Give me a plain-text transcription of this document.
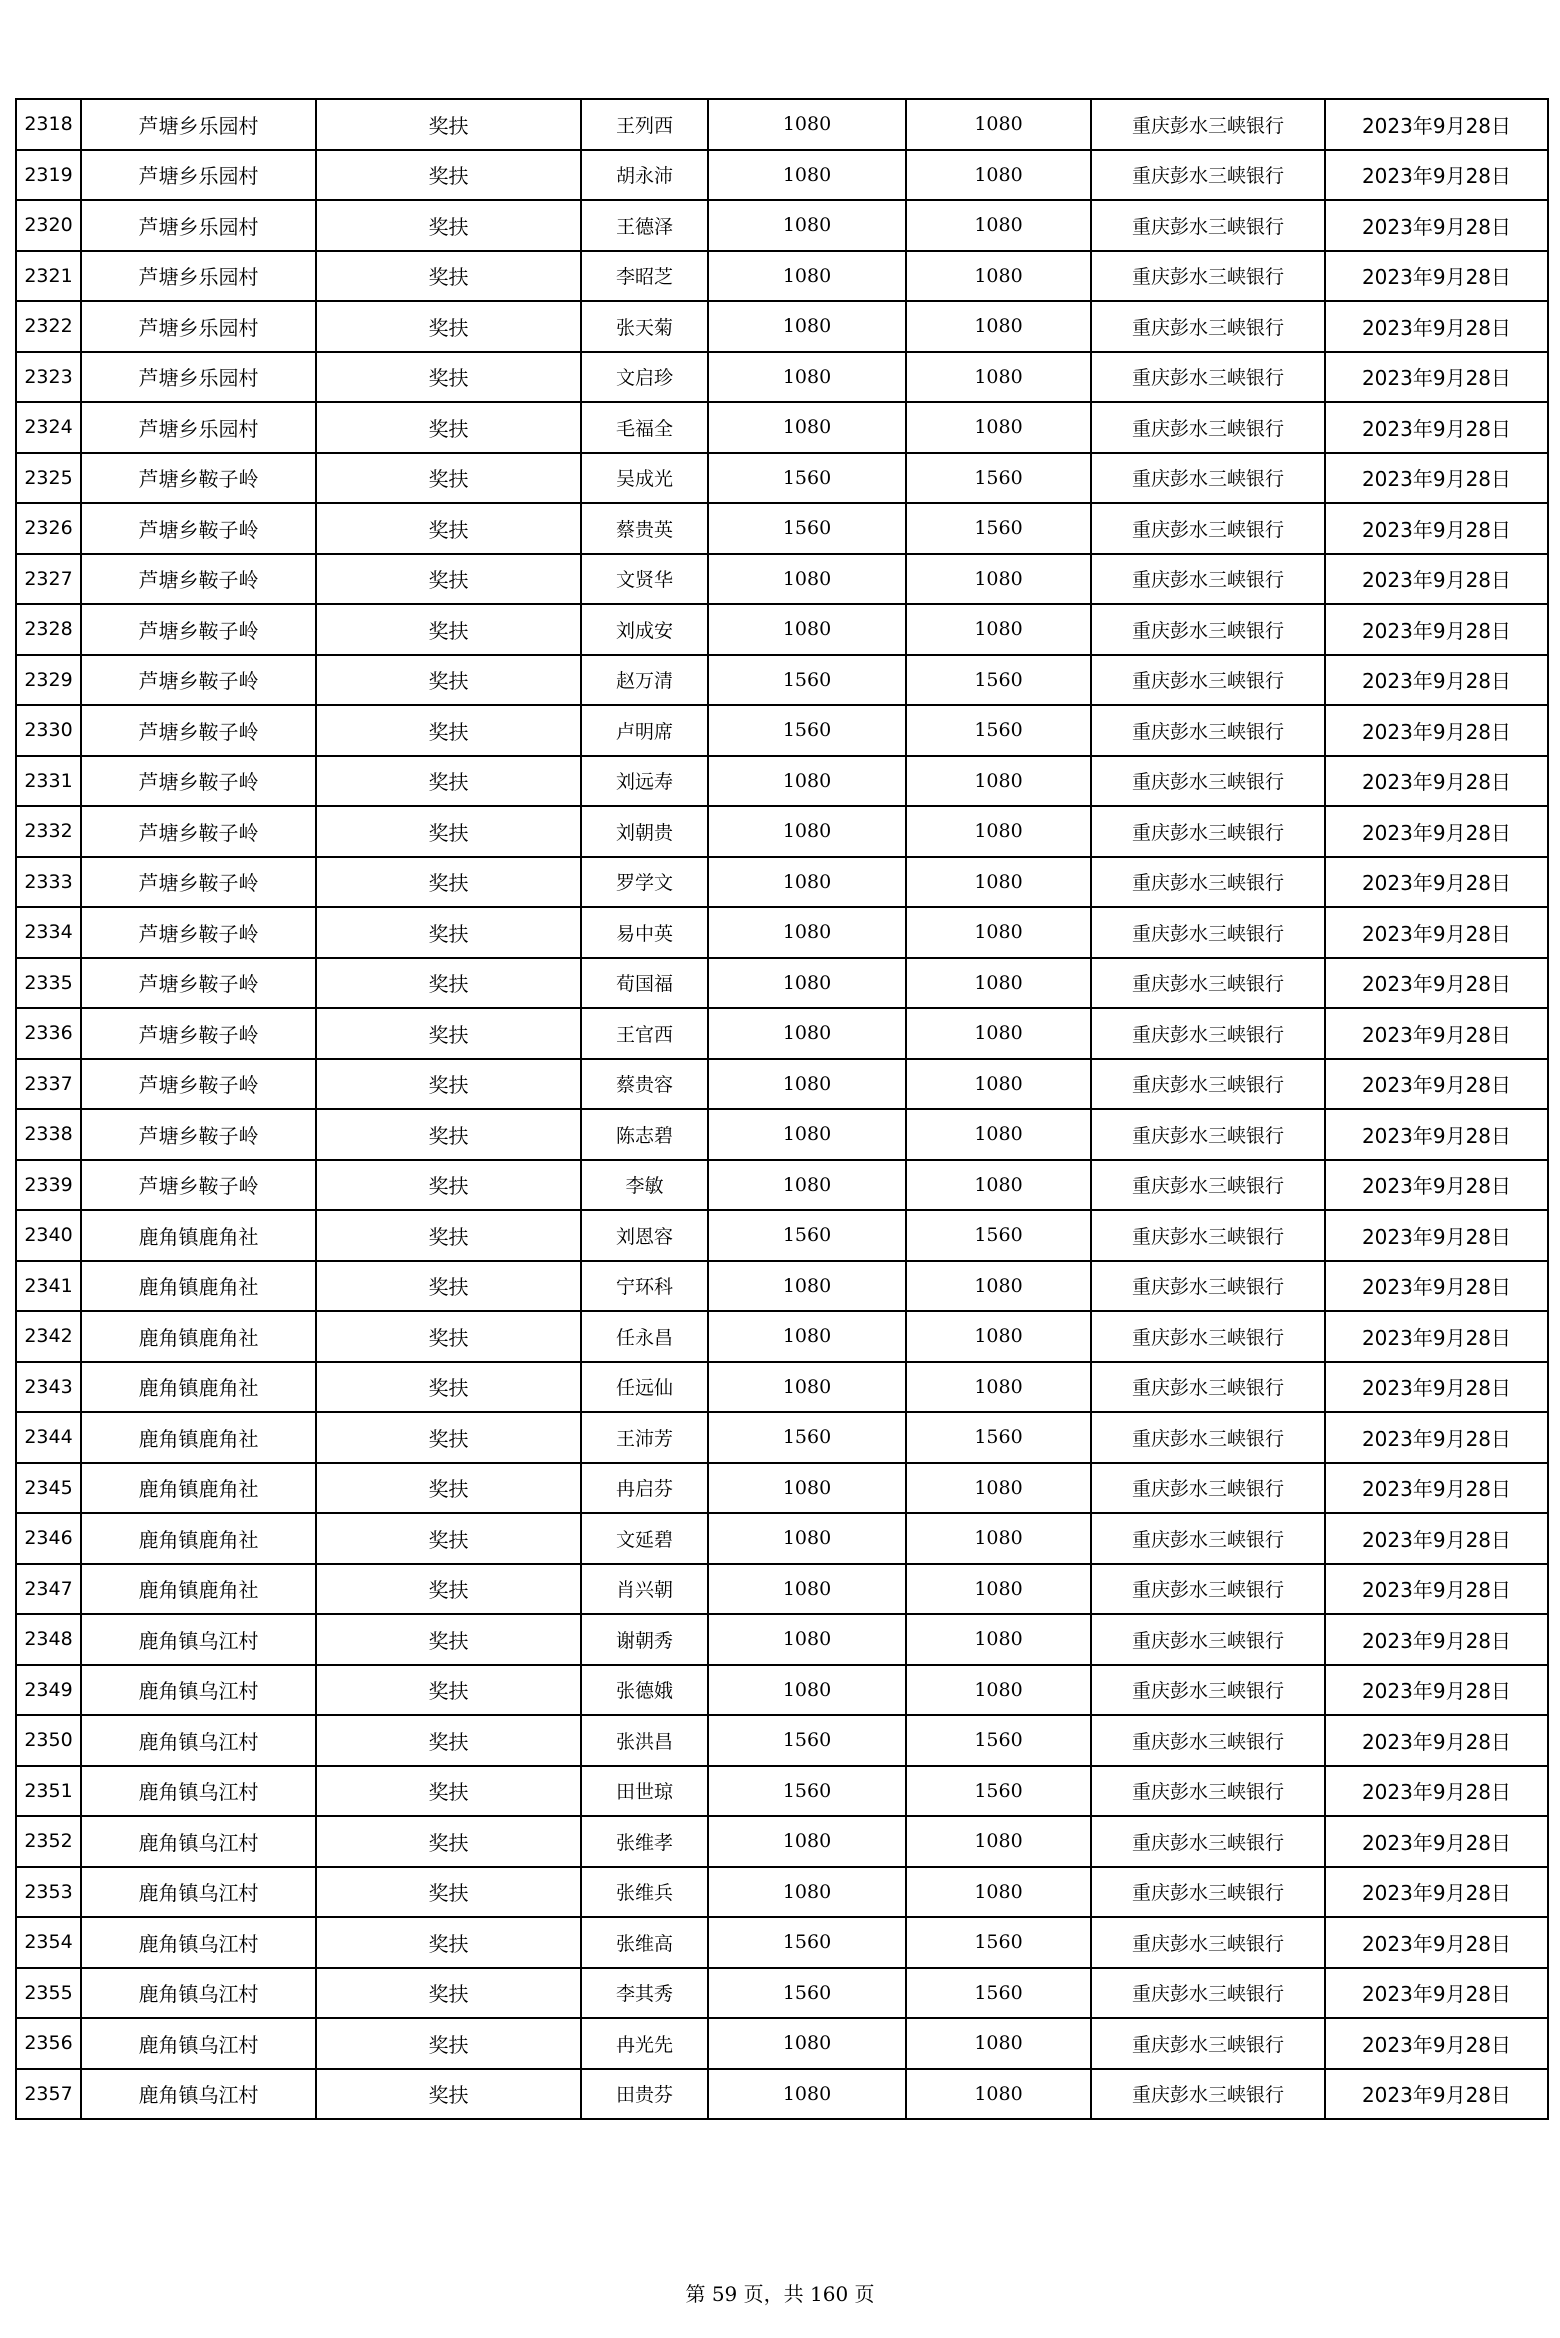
2318	芦塘乡乐园村	奖扶	王列西	1080	1080	重庆彭水三峡银行	2023年9月28日
2319	芦塘乡乐园村	奖扶	胡永沛	1080	1080	重庆彭水三峡银行	2023年9月28日
2320	芦塘乡乐园村	奖扶	王德泽	1080	1080	重庆彭水三峡银行	2023年9月28日
2321	芦塘乡乐园村	奖扶	李昭芝	1080	1080	重庆彭水三峡银行	2023年9月28日
2322	芦塘乡乐园村	奖扶	张天菊	1080	1080	重庆彭水三峡银行	2023年9月28日
2323	芦塘乡乐园村	奖扶	文启珍	1080	1080	重庆彭水三峡银行	2023年9月28日
2324	芦塘乡乐园村	奖扶	毛福全	1080	1080	重庆彭水三峡银行	2023年9月28日
2325	芦塘乡鞍子岭	奖扶	吴成光	1560	1560	重庆彭水三峡银行	2023年9月28日
2326	芦塘乡鞍子岭	奖扶	蔡贵英	1560	1560	重庆彭水三峡银行	2023年9月28日
2327	芦塘乡鞍子岭	奖扶	文贤华	1080	1080	重庆彭水三峡银行	2023年9月28日
2328	芦塘乡鞍子岭	奖扶	刘成安	1080	1080	重庆彭水三峡银行	2023年9月28日
2329	芦塘乡鞍子岭	奖扶	赵万清	1560	1560	重庆彭水三峡银行	2023年9月28日
2330	芦塘乡鞍子岭	奖扶	卢明席	1560	1560	重庆彭水三峡银行	2023年9月28日
2331	芦塘乡鞍子岭	奖扶	刘远寿	1080	1080	重庆彭水三峡银行	2023年9月28日
2332	芦塘乡鞍子岭	奖扶	刘朝贵	1080	1080	重庆彭水三峡银行	2023年9月28日
2333	芦塘乡鞍子岭	奖扶	罗学文	1080	1080	重庆彭水三峡银行	2023年9月28日
2334	芦塘乡鞍子岭	奖扶	易中英	1080	1080	重庆彭水三峡银行	2023年9月28日
2335	芦塘乡鞍子岭	奖扶	荀国福	1080	1080	重庆彭水三峡银行	2023年9月28日
2336	芦塘乡鞍子岭	奖扶	王官西	1080	1080	重庆彭水三峡银行	2023年9月28日
2337	芦塘乡鞍子岭	奖扶	蔡贵容	1080	1080	重庆彭水三峡银行	2023年9月28日
2338	芦塘乡鞍子岭	奖扶	陈志碧	1080	1080	重庆彭水三峡银行	2023年9月28日
2339	芦塘乡鞍子岭	奖扶	李敏	1080	1080	重庆彭水三峡银行	2023年9月28日
2340	鹿角镇鹿角社	奖扶	刘恩容	1560	1560	重庆彭水三峡银行	2023年9月28日
2341	鹿角镇鹿角社	奖扶	宁环科	1080	1080	重庆彭水三峡银行	2023年9月28日
2342	鹿角镇鹿角社	奖扶	任永昌	1080	1080	重庆彭水三峡银行	2023年9月28日
2343	鹿角镇鹿角社	奖扶	任远仙	1080	1080	重庆彭水三峡银行	2023年9月28日
2344	鹿角镇鹿角社	奖扶	王沛芳	1560	1560	重庆彭水三峡银行	2023年9月28日
2345	鹿角镇鹿角社	奖扶	冉启芬	1080	1080	重庆彭水三峡银行	2023年9月28日
2346	鹿角镇鹿角社	奖扶	文延碧	1080	1080	重庆彭水三峡银行	2023年9月28日
2347	鹿角镇鹿角社	奖扶	肖兴朝	1080	1080	重庆彭水三峡银行	2023年9月28日
2348	鹿角镇乌江村	奖扶	谢朝秀	1080	1080	重庆彭水三峡银行	2023年9月28日
2349	鹿角镇乌江村	奖扶	张德娥	1080	1080	重庆彭水三峡银行	2023年9月28日
2350	鹿角镇乌江村	奖扶	张洪昌	1560	1560	重庆彭水三峡银行	2023年9月28日
2351	鹿角镇乌江村	奖扶	田世琼	1560	1560	重庆彭水三峡银行	2023年9月28日
2352	鹿角镇乌江村	奖扶	张维孝	1080	1080	重庆彭水三峡银行	2023年9月28日
2353	鹿角镇乌江村	奖扶	张维兵	1080	1080	重庆彭水三峡银行	2023年9月28日
2354	鹿角镇乌江村	奖扶	张维高	1560	1560	重庆彭水三峡银行	2023年9月28日
2355	鹿角镇乌江村	奖扶	李其秀	1560	1560	重庆彭水三峡银行	2023年9月28日
2356	鹿角镇乌江村	奖扶	冉光先	1080	1080	重庆彭水三峡银行	2023年9月28日
2357	鹿角镇乌江村	奖扶	田贵芬	1080	1080	重庆彭水三峡银行	2023年9月28日
第 59 页，共 160 页
